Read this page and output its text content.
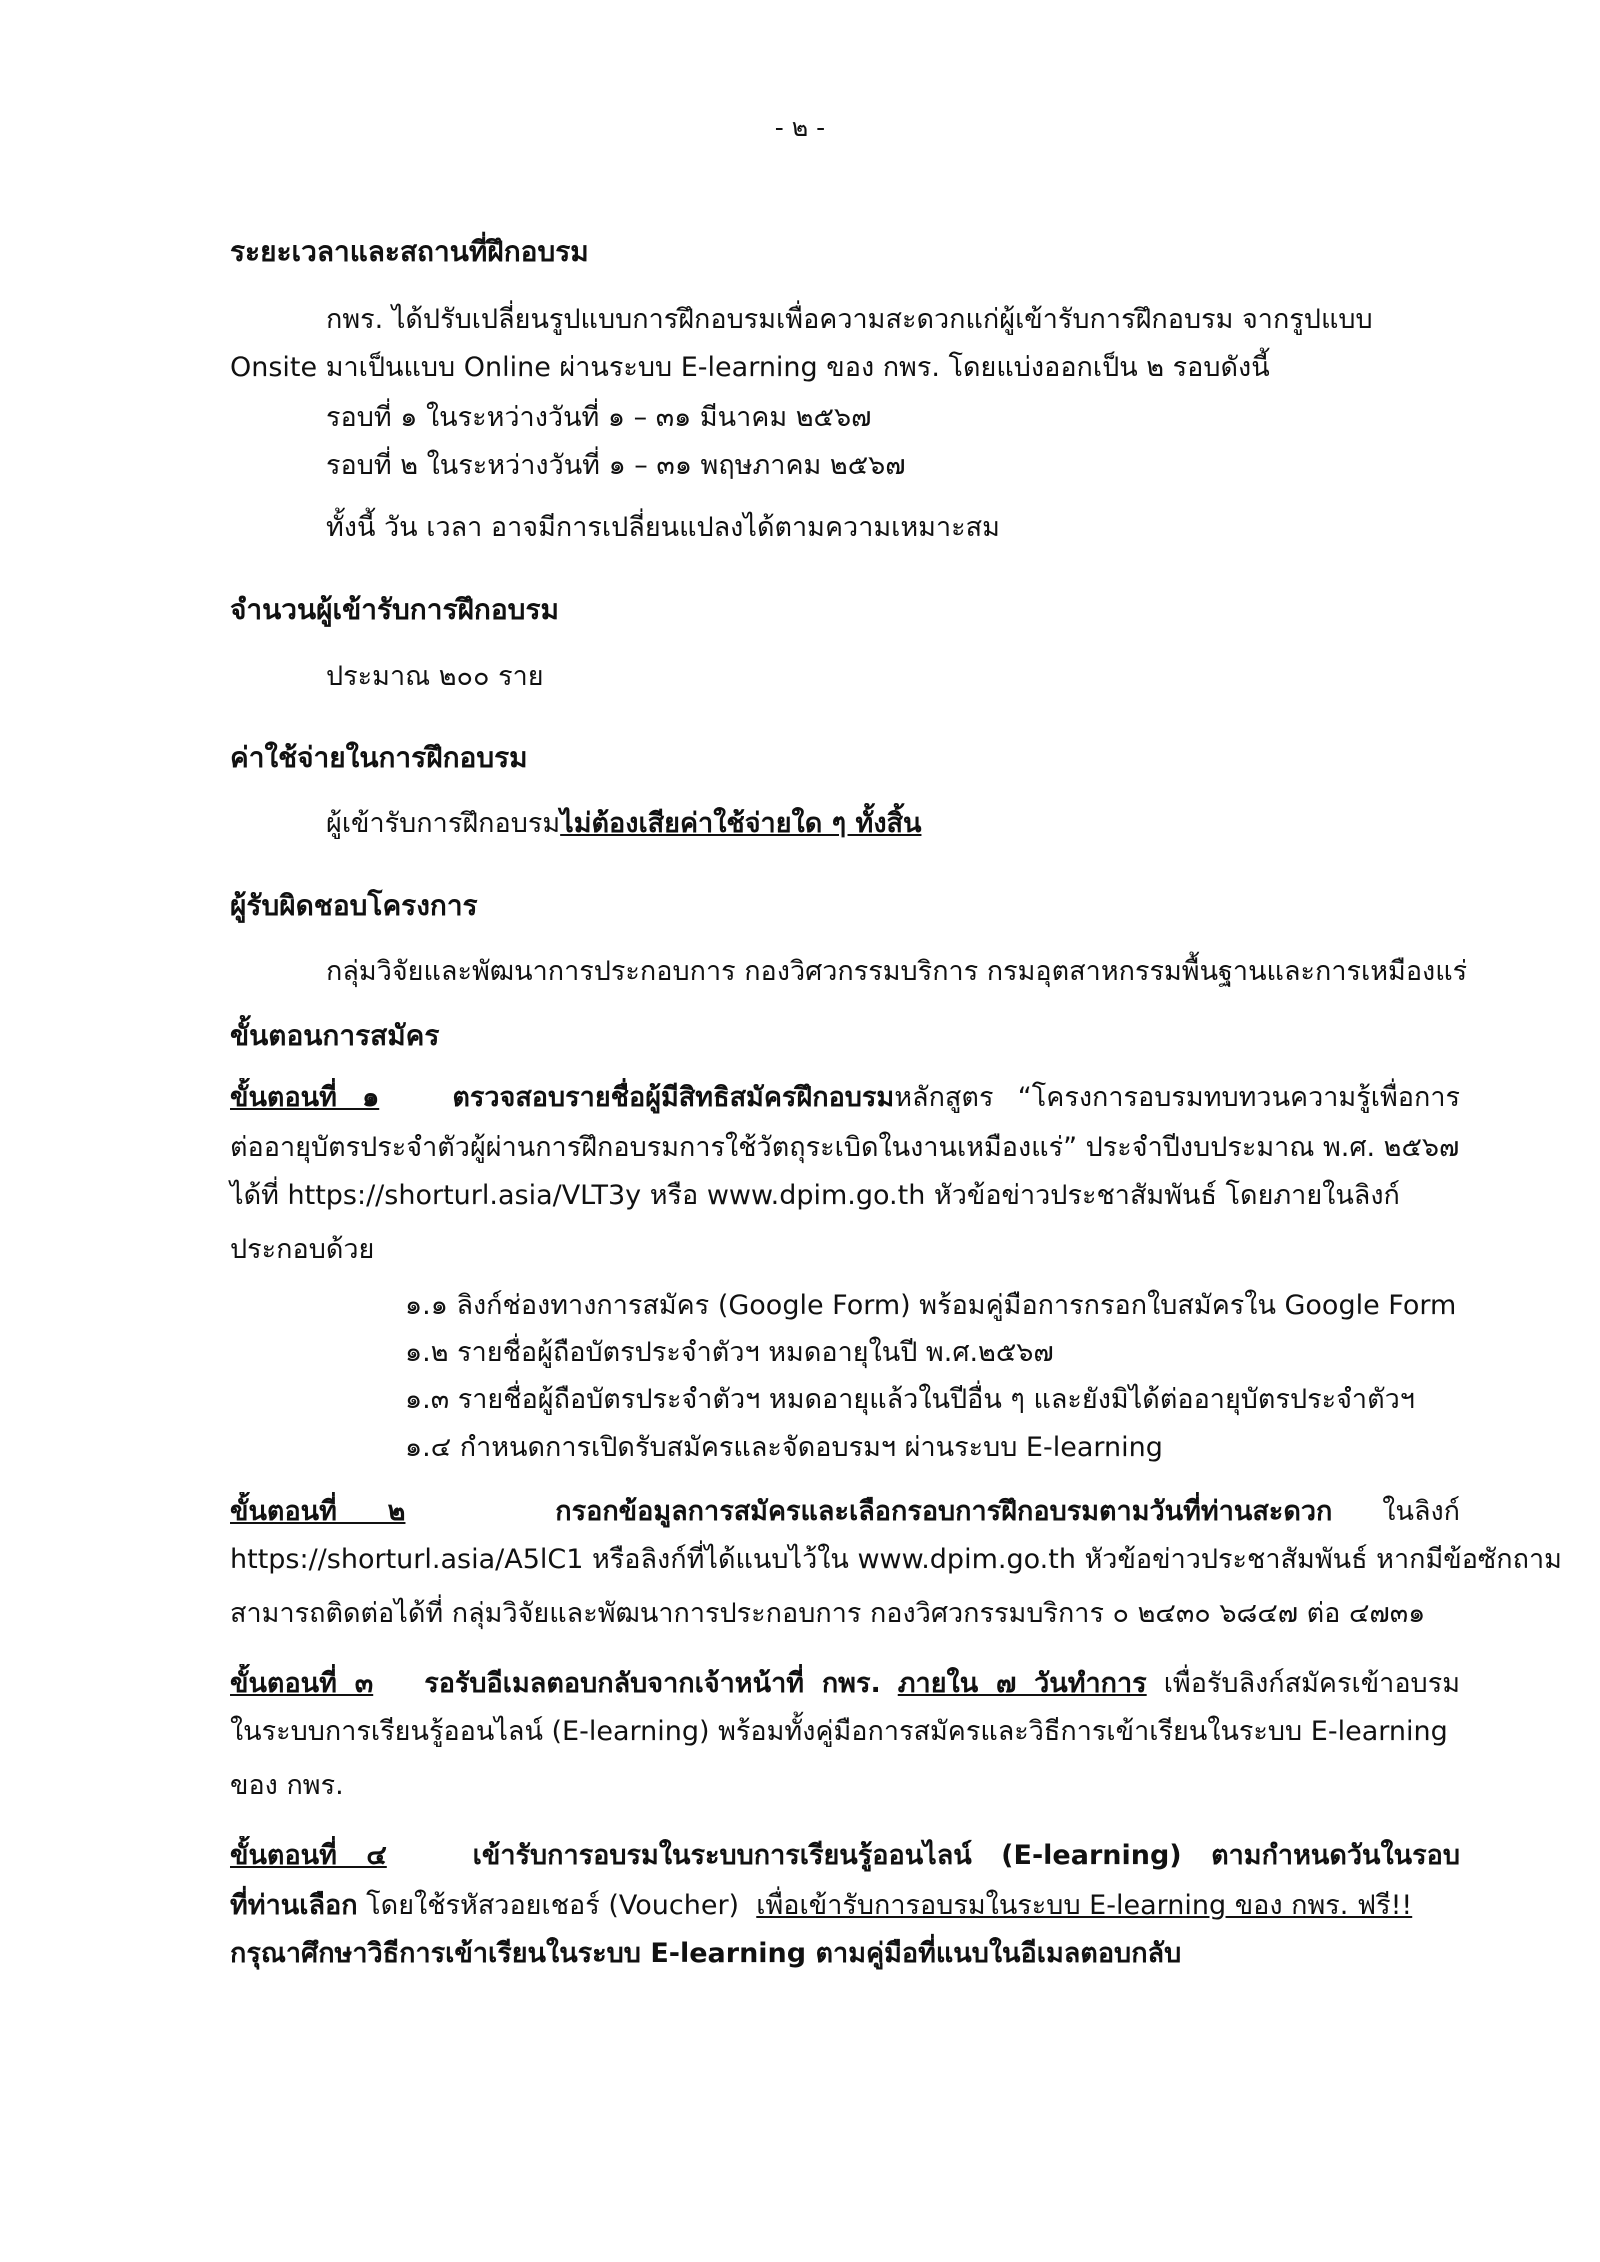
- ๒ -
ระยะเวลาและสถานที่ฝึกอบรม
กพร. ได้ปรับเปลี่ยนรูปแบบการฝึกอบรมเพื่อความสะดวกแก่ผู้เข้ารับการฝึกอบรม จากรูปแบบ
Onsite มาเป็นแบบ Online ผ่านระบบ E-learning ของ กพร. โดยแบ่งออกเป็น ๒ รอบดังนี้
รอบที่ ๑ ในระหว่างวันที่ ๑ – ๓๑ มีนาคม ๒๕๖๗
รอบที่ ๒ ในระหว่างวันที่ ๑ – ๓๑ พฤษภาคม ๒๕๖๗
ทั้งนี้ วัน เวลา อาจมีการเปลี่ยนแปลงได้ตามความเหมาะสม
จำนวนผู้เข้ารับการฝึกอบรม
ประมาณ ๒๐๐ ราย
ค่าใช้จ่ายในการฝึกอบรม
ผู้เข้ารับการฝึกอบรมไม่ต้องเสียค่าใช้จ่ายใด ๆ ทั้งสิ้น
ผู้รับผิดชอบโครงการ
กลุ่มวิจัยและพัฒนาการประกอบการ กองวิศวกรรมบริการ กรมอุตสาหกรรมพื้นฐานและการเหมืองแร่
ขั้นตอนการสมัคร
ขั้นตอนที่ ๑	ตรวจสอบรายชื่อผู้มีสิทธิสมัครฝึกอบรมหลักสูตร “โครงการอบรมทบทวนความรู้เพื่อการ
ต่ออายุบัตรประจำตัวผู้ผ่านการฝึกอบรมการใช้วัตถุระเบิดในงานเหมืองแร่” ประจำปีงบประมาณ พ.ศ. ๒๕๖๗
ได้ที่ https://shorturl.asia/VLT3y หรือ www.dpim.go.th หัวข้อข่าวประชาสัมพันธ์ โดยภายในลิงก์
ประกอบด้วย
๑.๑ ลิงก์ช่องทางการสมัคร (Google Form) พร้อมคู่มือการกรอกใบสมัครใน Google Form
๑.๒ รายชื่อผู้ถือบัตรประจำตัวฯ หมดอายุในปี พ.ศ.๒๕๖๗
๑.๓ รายชื่อผู้ถือบัตรประจำตัวฯ หมดอายุแล้วในปีอื่น ๆ และยังมิได้ต่ออายุบัตรประจำตัวฯ
๑.๔ กำหนดการเปิดรับสมัครและจัดอบรมฯ ผ่านระบบ E-learning
ขั้นตอนที่ ๒	กรอกข้อมูลการสมัครและเลือกรอบการฝึกอบรมตามวันที่ท่านสะดวก ในลิงก์
https://shorturl.asia/A5lC1 หรือลิงก์ที่ได้แนบไว้ใน www.dpim.go.th หัวข้อข่าวประชาสัมพันธ์ หากมีข้อซักถาม
สามารถติดต่อได้ที่ กลุ่มวิจัยและพัฒนาการประกอบการ กองวิศวกรรมบริการ ๐ ๒๔๓๐ ๖๘๔๗ ต่อ ๔๗๓๑
ขั้นตอนที่ ๓ รอรับอีเมลตอบกลับจากเจ้าหน้าที่ กพร. ภายใน ๗ วันทำการ เพื่อรับลิงก์สมัครเข้าอบรม
ในระบบการเรียนรู้ออนไลน์ (E-learning) พร้อมทั้งคู่มือการสมัครและวิธีการเข้าเรียนในระบบ E-learning
ของ กพร.
ขั้นตอนที่ ๔	เข้ารับการอบรมในระบบการเรียนรู้ออนไลน์ (E-learning) ตามกำหนดวันในรอบ
ที่ท่านเลือก โดยใช้รหัสวอยเชอร์ (Voucher) เพื่อเข้ารับการอบรมในระบบ E-learning ของ กพร. ฟรี!!
กรุณาศึกษาวิธีการเข้าเรียนในระบบ E-learning ตามคู่มือที่แนบในอีเมลตอบกลับ
